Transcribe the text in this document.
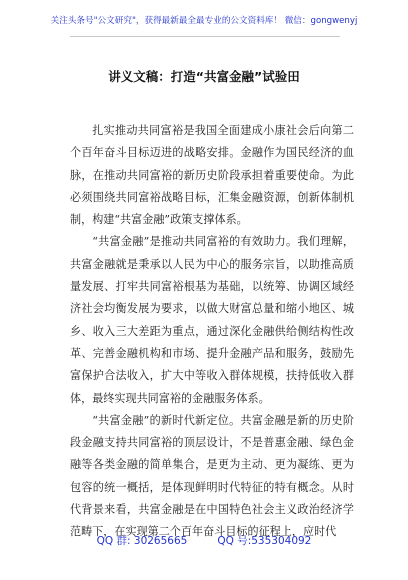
关注头条号"公文研究"，获得最新最全最专业的公文资料库！ 微信：gongwenyj
讲义文稿：打造“共富金融”试验田

扎实推动共同富裕是我国全面建成小康社会后向第二个百年奋斗目标迈进的战略安排。金融作为国民经济的血脉，在推动共同富裕的新历史阶段承担着重要使命。为此必须围绕共同富裕战略目标，汇集金融资源，创新体制机制，构建“共富金融”政策支撑体系。

“共富金融”是推动共同富裕的有效助力。我们理解，共富金融就是秉承以人民为中心的服务宗旨，以助推高质量发展、打牢共同富裕根基为基础，以统筹、协调区域经济社会均衡发展为要求，以做大财富总量和缩小地区、城乡、收入三大差距为重点，通过深化金融供给侧结构性改革、完善金融机构和市场、提升金融产品和服务，鼓励先富保护合法收入，扩大中等收入群体规模，扶持低收入群体，最终实现共同富裕的金融服务体系。

“共富金融”的新时代新定位。共富金融是新的历史阶段金融支持共同富裕的顶层设计，不是普惠金融、绿色金融等各类金融的简单集合，是更为主动、更为凝练、更为包容的统一概括，是体现鲜明时代特征的特有概念。从时代背景来看，共富金融是在中国特色社会主义政治经济学范畴下，在实现第二个百年奋斗目标的征程上，应时代

QQ 群: 30265665	QQ 号:535304092
